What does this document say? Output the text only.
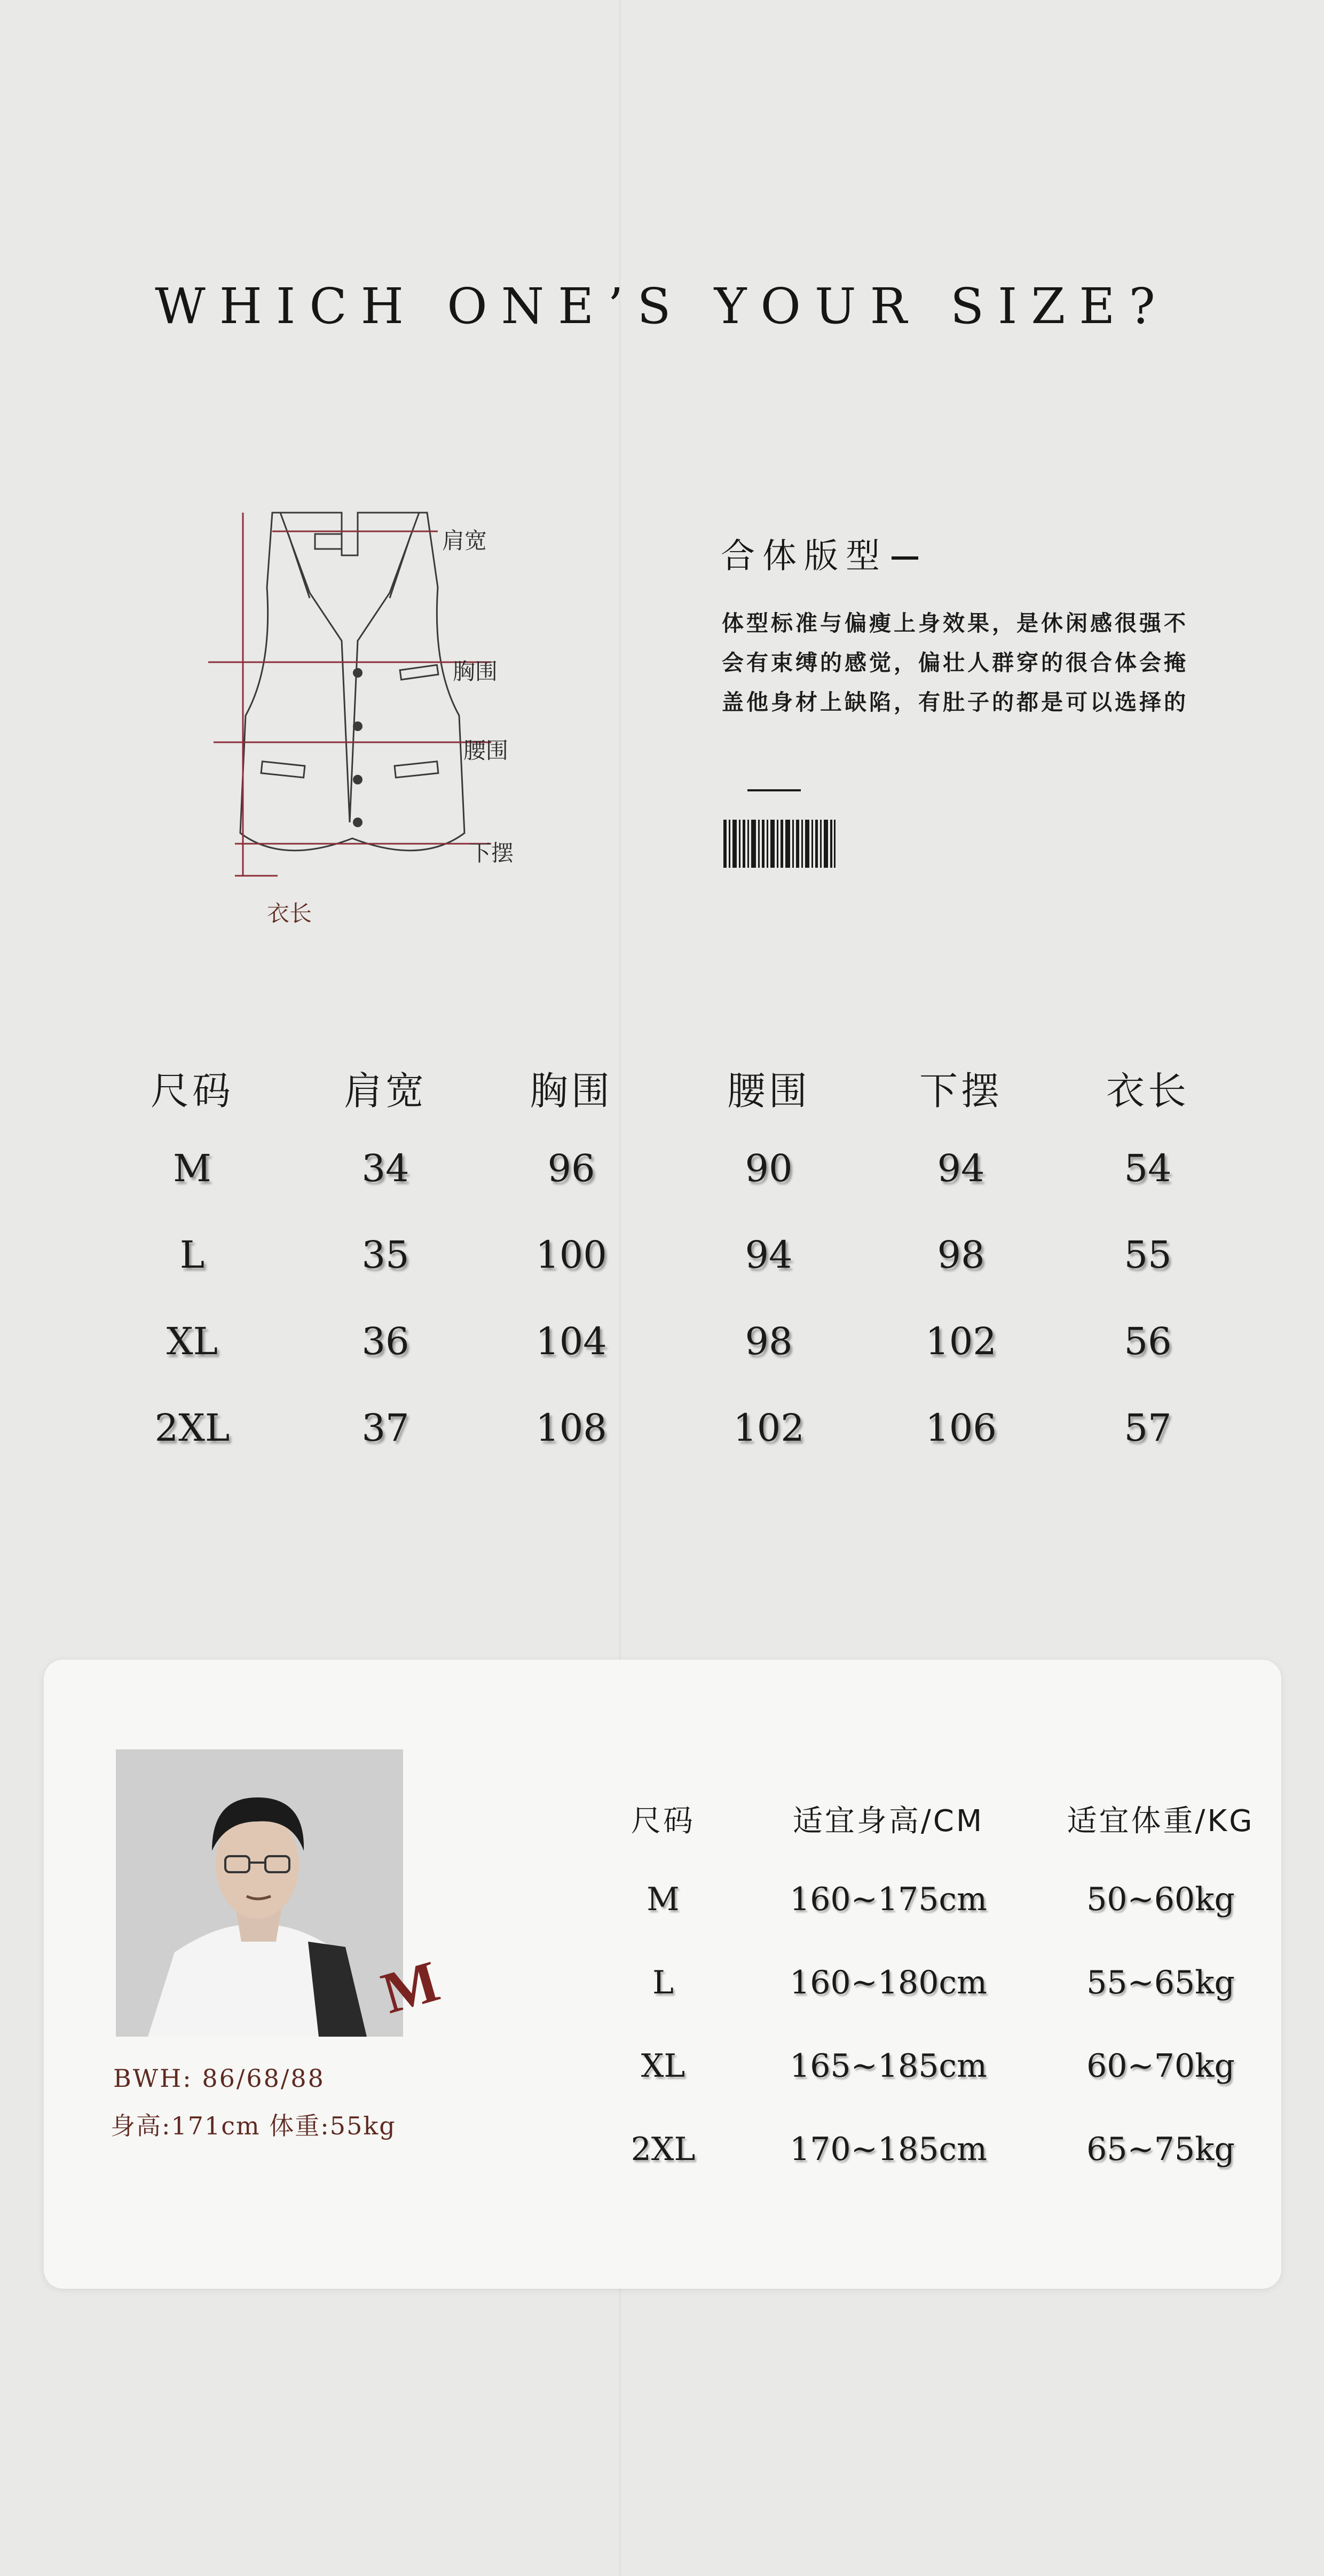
WHICH ONE’S YOUR SIZE?
肩宽
胸围
腰围
下摆
衣长
合体版型
体型标准与偏瘦上身效果，是休闲感很强不会有束缚的感觉，偏壮人群穿的很合体会掩盖他身材上缺陷，有肚子的都是可以选择的
尺码	肩宽	胸围	腰围	下摆	衣长
M	34	96	90	94	54
L	35	100	94	98	55
XL	36	104	98	102	56
2XL	37	108	102	106	57
M
BWH: 86/68/88
身高:171cm 体重:55kg
尺码	适宜身高/CM	适宜体重/KG
M	160~175cm	50~60kg
L	160~180cm	55~65kg
XL	165~185cm	60~70kg
2XL	170~185cm	65~75kg
